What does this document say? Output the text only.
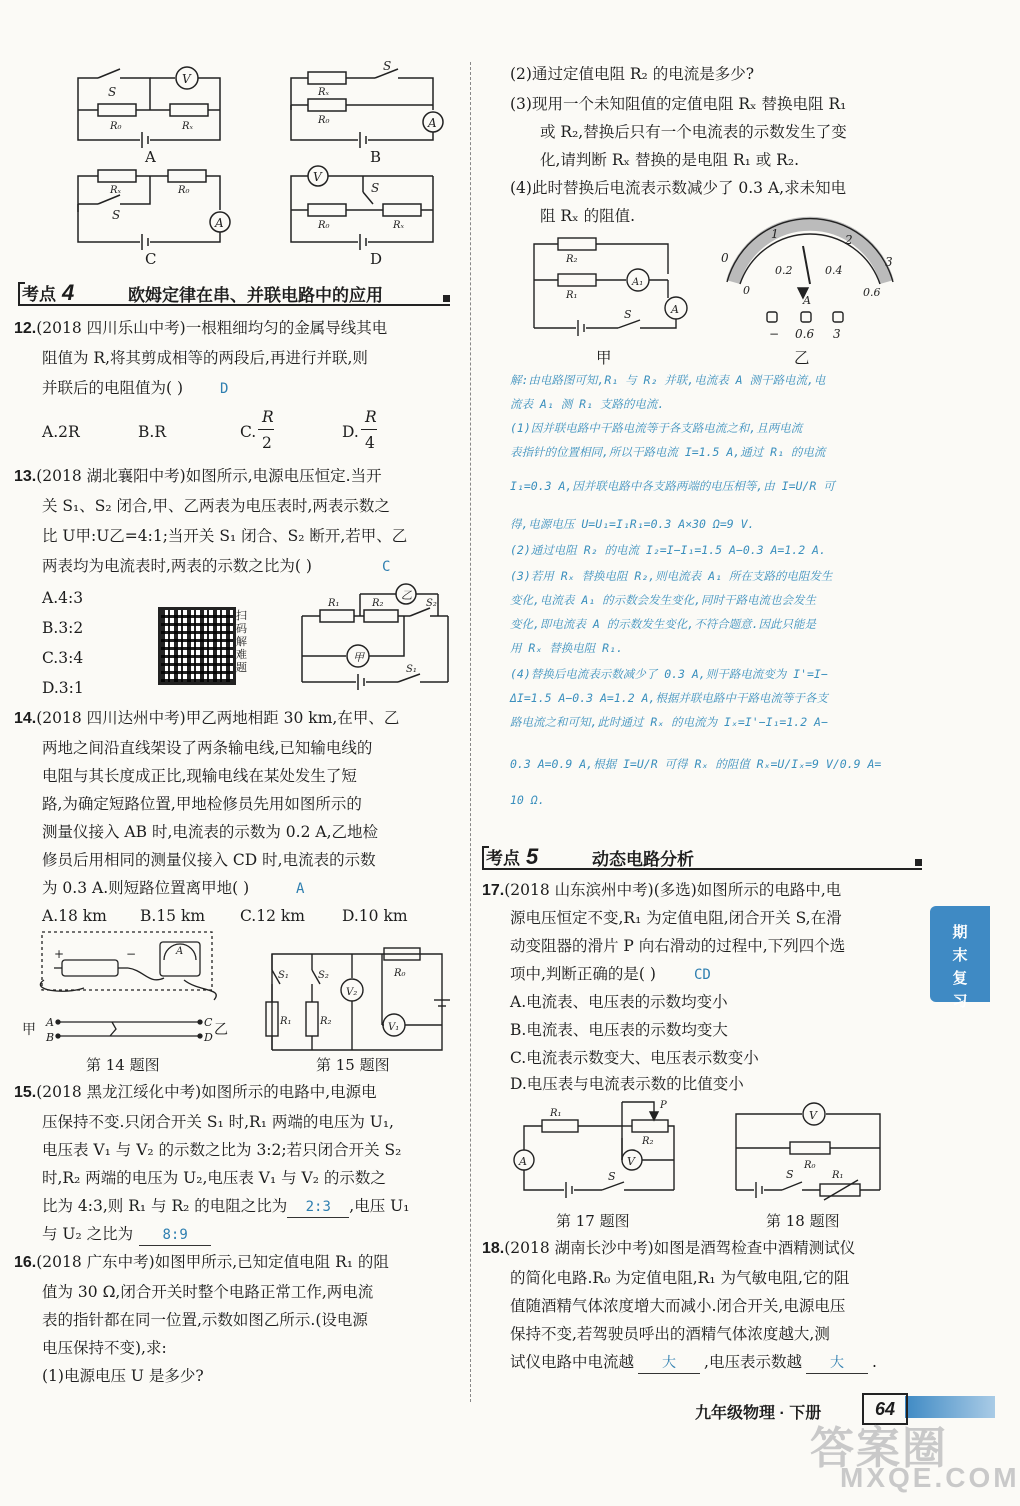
V
S
R₀	Rₓ
A
A
S
Rₓ
R₀
B
A
Rₓ	R₀
S
C
V
S
R₀	Rₓ
D
考点 4	欧姆定律在串、并联电路中的应用
12.(2018 四川乐山中考)一根粗细均匀的金属导线其电
阻值为 R,将其剪成相等的两段后,再进行并联,则
并联后的电阻值为( )	D
A.2R	B.R	C.
R
2
D.
R
4
13.(2018 湖北襄阳中考)如图所示,电源电压恒定.当开
关 S₁、S₂ 闭合,甲、乙两表为电压表时,两表示数之
比 U甲:U乙=4:1;当开关 S₁ 闭合、S₂ 断开,若甲、乙
两表均为电流表时,两表的示数之比为( )	C
A.4:3
B.3:2
C.3:4
D.3:1
扫码解难题
乙
甲
R₁	R₂	S₂
S₁
14.(2018 四川达州中考)甲乙两地相距 30 km,在甲、乙
两地之间沿直线架设了两条输电线,已知输电线的
电阻与其长度成正比,现输电线在某处发生了短
路,为确定短路位置,甲地检修员先用如图所示的
测量仪接入 AB 时,电流表的示数为 0.2 A,乙地检
修员后用相同的测量仪接入 CD 时,电流表的示数
为 0.3 A.则短路位置离甲地( )	A
A.18 km B.15 km C.12 km D.10 km
+	−	A
A
B
C
D
甲	乙
第 14 题图
S₁	S₂
R₁	R₂
V₂
V₁
R₀
第 15 题图
15.(2018 黑龙江绥化中考)如图所示的电路中,电源电
压保持不变.只闭合开关 S₁ 时,R₁ 两端的电压为 U₁,
电压表 V₁ 与 V₂ 的示数之比为 3:2;若只闭合开关 S₂
时,R₂ 两端的电压为 U₂,电压表 V₁ 与 V₂ 的示数之
比为 4:3,则 R₁ 与 R₂ 的电阻之比为 2:3 ,电压 U₁
与 U₂ 之比为 8:9
16.(2018 广东中考)如图甲所示,已知定值电阻 R₁ 的阻
值为 30 Ω,闭合开关时整个电路正常工作,两电流
表的指针都在同一位置,示数如图乙所示.(设电源
电压保持不变),求:
(1)电源电压 U 是多少?
(2)通过定值电阻 R₂ 的电流是多少?
(3)现用一个未知阻值的定值电阻 Rₓ 替换电阻 R₁
或 R₂,替换后只有一个电流表的示数发生了变
化,请判断 Rₓ 替换的是电阻 R₁ 或 R₂.
(4)此时替换后电流表示数减少了 0.3 A,求未知电
阻 Rₓ 的阻值.
R₂
R₁
A₁
A
S
甲
0
1	2
3
0
0.2	0.4
0.6
A
− 0.6 3
乙
解:由电路图可知,R₁ 与 R₂ 并联,电流表 A 测干路电流,电
流表 A₁ 测 R₁ 支路的电流.
(1)因并联电路中干路电流等于各支路电流之和,且两电流
表指针的位置相同,所以干路电流 I=1.5 A,通过 R₁ 的电流
I₁=0.3 A,因并联电路中各支路两端的电压相等,由 I=U/R 可
得,电源电压 U=U₁=I₁R₁=0.3 A×30 Ω=9 V.
(2)通过电阻 R₂ 的电流 I₂=I−I₁=1.5 A−0.3 A=1.2 A.
(3)若用 Rₓ 替换电阻 R₂,则电流表 A₁ 所在支路的电阻发生
变化,电流表 A₁ 的示数会发生变化,同时干路电流也会发生
变化,即电流表 A 的示数发生变化,不符合题意.因此只能是
用 Rₓ 替换电阻 R₁.
(4)替换后电流表示数减少了 0.3 A,则干路电流变为 I'=I−
ΔI=1.5 A−0.3 A=1.2 A,根据并联电路中干路电流等于各支
路电流之和可知,此时通过 Rₓ 的电流为 Iₓ=I'−I₁=1.2 A−
0.3 A=0.9 A,根据 I=U/R 可得 Rₓ 的阻值 Rₓ=U/Iₓ=9 V/0.9 A=
10 Ω.
考点 5	动态电路分析
17.(2018 山东滨州中考)(多选)如图所示的电路中,电
源电压恒定不变,R₁ 为定值电阻,闭合开关 S,在滑
动变阻器的滑片 P 向右滑动的过程中,下列四个选
项中,判断正确的是( )	CD
A.电流表、电压表的示数均变小
B.电流表、电压表的示数均变大
C.电流表示数变大、电压表示数变小
D.电压表与电流表示数的比值变小
期
末
复
习
A	V
R₁
R₂
P
S
第 17 题图
V
R₀
R₁
S
第 18 题图
18.(2018 湖南长沙中考)如图是酒驾检查中酒精测试仪
的简化电路.R₀ 为定值电阻,R₁ 为气敏电阻,它的阻
值随酒精气体浓度增大而减小.闭合开关,电源电压
保持不变,若驾驶员呼出的酒精气体浓度越大,测
试仪电路中电流越 大 ,电压表示数越 大 .
九年级物理 · 下册	64
答案圈
MXQE.COM
